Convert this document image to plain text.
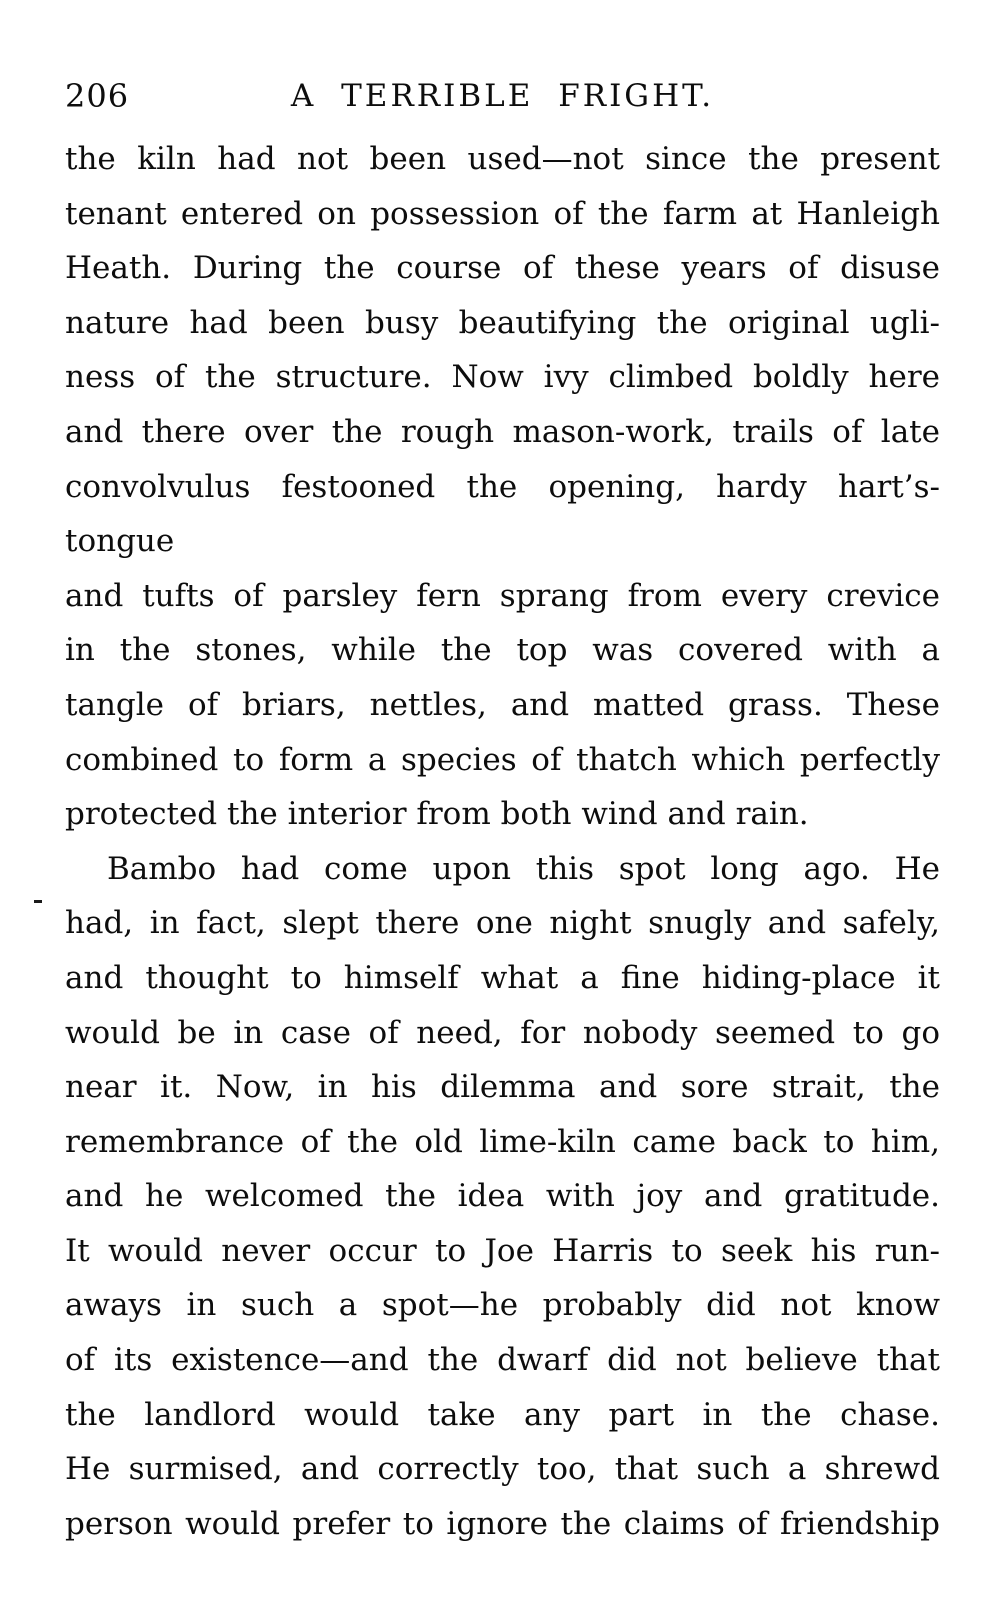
206	A TERRIBLE FRIGHT.
the kiln had not been used—not since the present
tenant entered on possession of the farm at Hanleigh
Heath. During the course of these years of disuse
nature had been busy beautifying the original ugli-
ness of the structure. Now ivy climbed boldly here
and there over the rough mason-work, trails of late
convolvulus festooned the opening, hardy hart’s-tongue
and tufts of parsley fern sprang from every crevice
in the stones, while the top was covered with a
tangle of briars, nettles, and matted grass. These
combined to form a species of thatch which perfectly
protected the interior from both wind and rain.
Bambo had come upon this spot long ago. He
had, in fact, slept there one night snugly and safely,
and thought to himself what a fine hiding-place it
would be in case of need, for nobody seemed to go
near it. Now, in his dilemma and sore strait, the
remembrance of the old lime-kiln came back to him,
and he welcomed the idea with joy and gratitude.
It would never occur to Joe Harris to seek his run-
aways in such a spot—he probably did not know
of its existence—and the dwarf did not believe that
the landlord would take any part in the chase.
He surmised, and correctly too, that such a shrewd
person would prefer to ignore the claims of friendship
